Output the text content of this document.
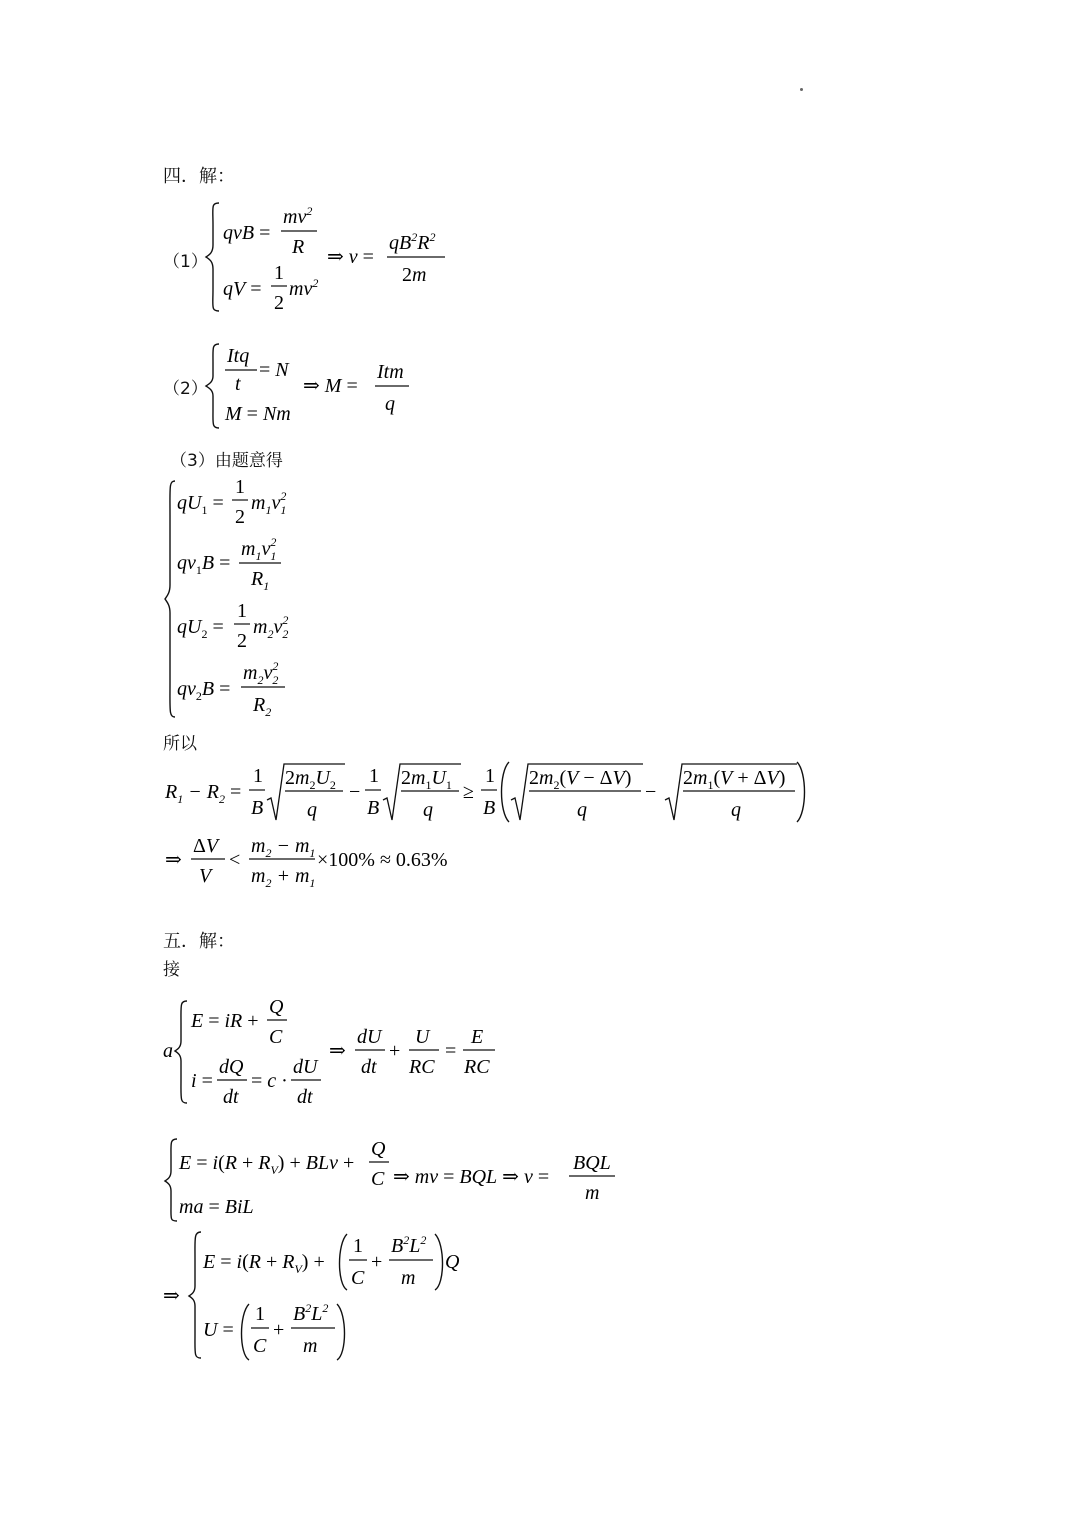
四．解：
（1）
qvB =
$mv^2$
R
qV =
1
2
$mv^2$
⇒ v =
$qB^2R^2$
2m
（2）
Itq
t
= N
M = Nm
⇒ M =
Itm
q
（3）由题意得
$qU_1$ =
1
2
$m_1v_12$
$qv_1B$ =
$m_1v_12$
$R_1$
$qU_2$ =
1
2
$m_2v_22$
$qv_2B$ =
$m_2v_22$
$R_2$
所以
$R_1 - R_2$ =
1
B
$2m_2U_2$
q
−
1
B
$2m_1U_1$
q
≥
1
B
$2m_2(V - \Delta V)$
q
−
$2m_1(V + \Delta V)$
q
⇒
ΔV
V
<
$m_2 - m_1$
$m_2 + m_1$
×100% ≈ 0.63%
五．解：
接
a
E = iR +
Q
C
i =
dQ
dt
= c ·
dU
dt
⇒
dU
dt
+
U
RC
=
E
RC
$E = i(R + R_V)$ + BLv +
Q
C ⇒ mv = BQL ⇒ v =
BQL
m
ma = BiL
⇒
$E = i(R + R_V)$ +
1
C
+
$B^2L^2$
m
Q
U =
1
C
+
$B^2L^2$
m
